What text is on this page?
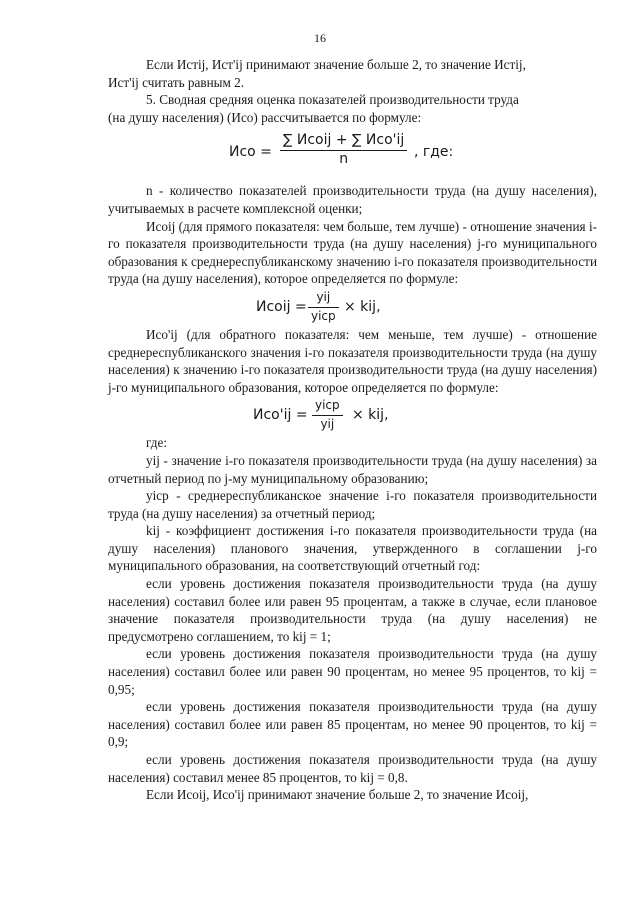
16

Если Истij, Ист'ij принимают значение больше 2, то значение Истij,

Ист'ij считать равным 2.

5. Сводная средняя оценка показателей производительности труда

(на душу населения) (Исо) рассчитывается по формуле:

Исо =
∑ Исоij + ∑ Исо'ij
n	, где:

n - количество показателей производительности труда (на душу населения), учитываемых в расчете комплексной оценки;

Исоij (для прямого показателя: чем больше, тем лучше) - отношение значения i-го показателя производительности труда (на душу населения) j-го муниципального образования к среднереспубликанскому значению i-го показателя производительности труда (на душу населения), которое определяется по формуле:

Исоij =
yij
yicp
× kij,

Исо'ij (для обратного показателя: чем меньше, тем лучше) - отношение среднереспубликанского значения i-го показателя производительности труда (на душу населения) к значению i-го показателя производительности труда (на душу населения) j-го муниципального образования, которое определяется по формуле:

Исо'ij =
yicp
yij
× kij,

где:

yij - значение i-го показателя производительности труда (на душу населения) за отчетный период по j-му муниципальному образованию;

yicp - среднереспубликанское значение i-го показателя производительности труда (на душу населения) за отчетный период;

kij - коэффициент достижения i-го показателя производительности труда (на душу населения) планового значения, утвержденного в соглашении j-го муниципального образования, на соответствующий отчетный год:

если уровень достижения показателя производительности труда (на душу населения) составил более или равен 95 процентам, а также в случае, если плановое значение показателя производительности труда (на душу населения) не предусмотрено соглашением, то kij = 1;

если уровень достижения показателя производительности труда (на душу населения) составил более или равен 90 процентам, но менее 95 процентов, то kij = 0,95;

если уровень достижения показателя производительности труда (на душу населения) составил более или равен 85 процентам, но менее 90 процентов, то kij = 0,9;

если уровень достижения показателя производительности труда (на душу населения) составил менее 85 процентов, то kij = 0,8.

Если Исоij, Исо'ij принимают значение больше 2, то значение Исоij,
